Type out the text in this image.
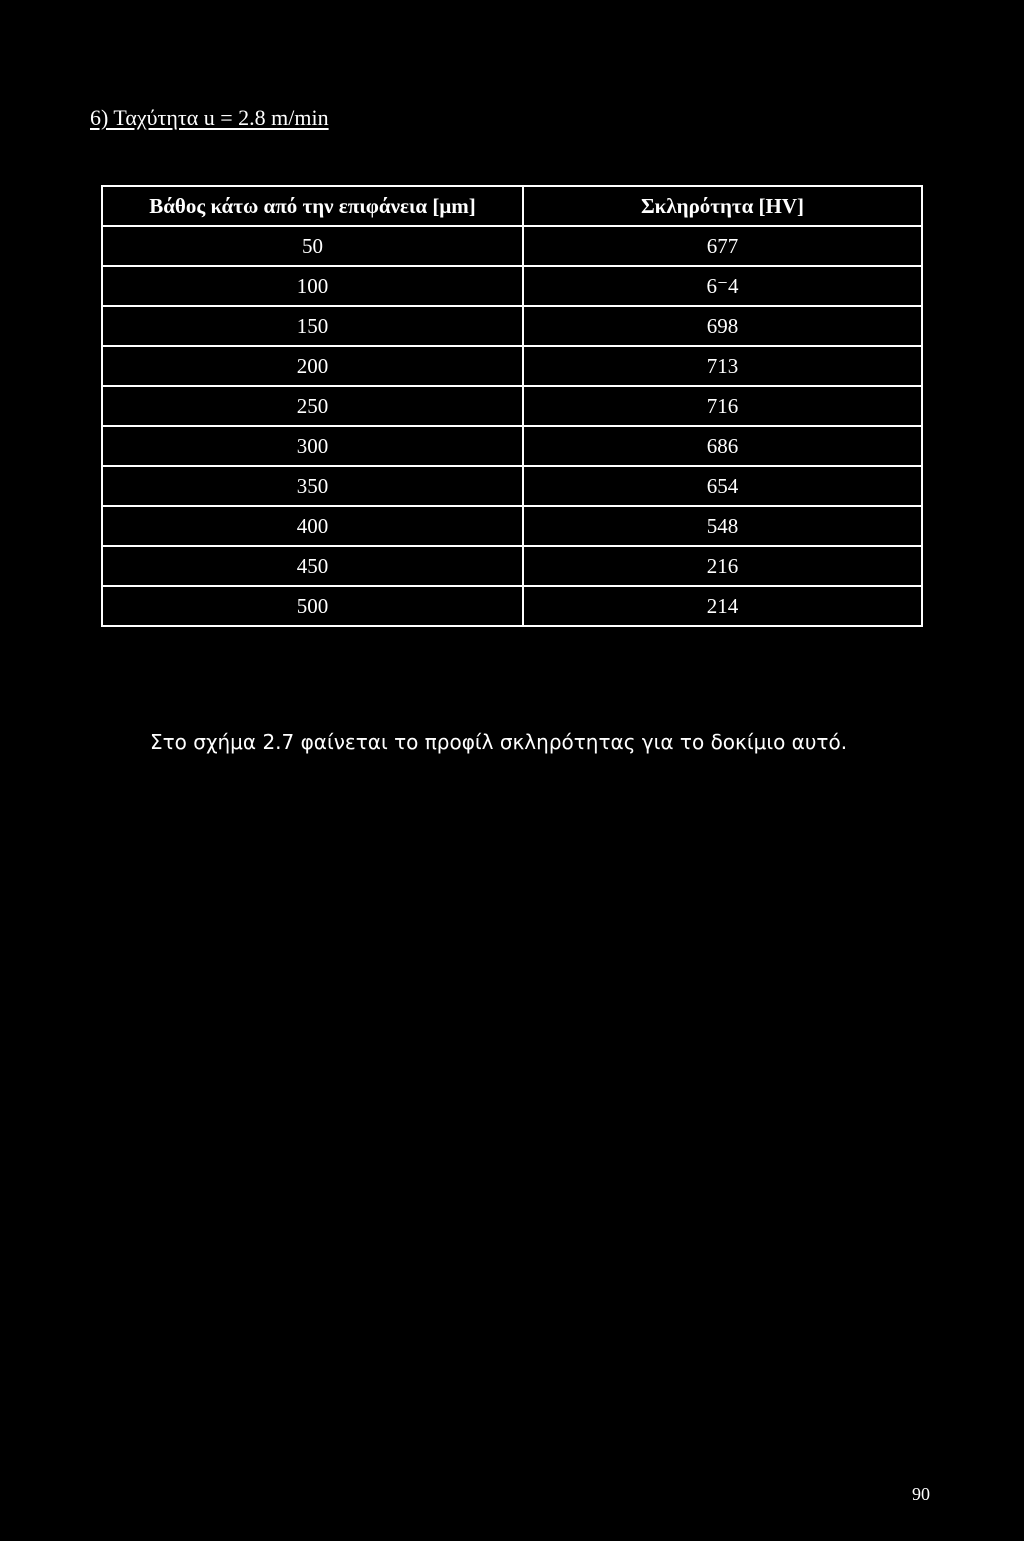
6) Ταχύτητα u = 2.8 m/min
Βάθος κάτω από την επιφάνεια [μm]	Σκληρότητα [HV]
50	677
100	6⁻4
150	698
200	713
250	716
300	686
350	654
400	548
450	216
500	214
Στο σχήμα 2.7 φαίνεται το προφίλ σκληρότητας για το δοκίμιο αυτό.
90
